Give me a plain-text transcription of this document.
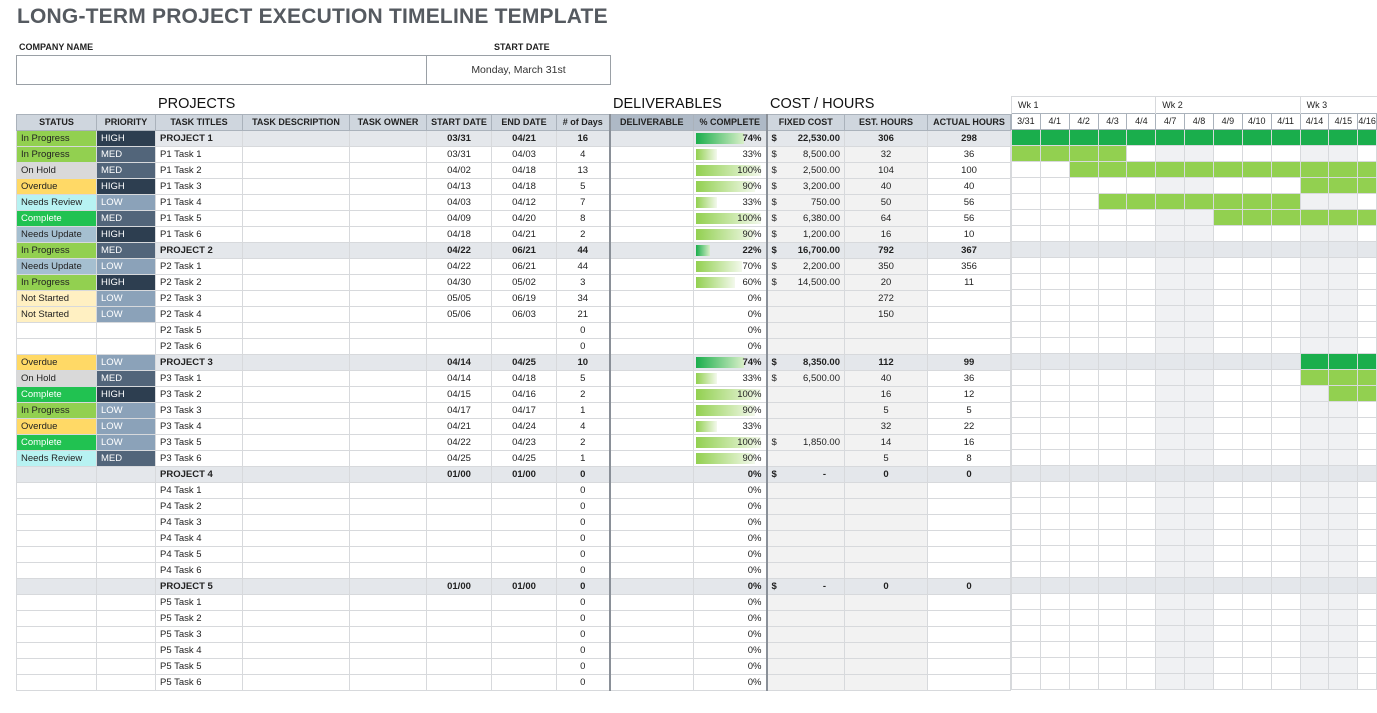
LONG-TERM PROJECT EXECUTION TIMELINE TEMPLATE
COMPANY NAME	START DATE
Monday, March 31st
PROJECTS	DELIVERABLES	COST / HOURS
STATUS	PRIORITY	TASK TITLES	TASK DESCRIPTION	TASK OWNER	START DATE	END DATE	# of Days	DELIVERABLE	% COMPLETE	FIXED COST	EST. HOURS	ACTUAL HOURS
In Progress	HIGH	PROJECT 1			03/31	04/21	16		74%	$ 22,530.00	306	298
In Progress	MED	P1 Task 1			03/31	04/03	4		33%	$ 8,500.00	32	36
On Hold	MED	P1 Task 2			04/02	04/18	13		100%	$ 2,500.00	104	100
Overdue	HIGH	P1 Task 3			04/13	04/18	5		90%	$ 3,200.00	40	40
Needs Review	LOW	P1 Task 4			04/03	04/12	7		33%	$ 750.00	50	56
Complete	MED	P1 Task 5			04/09	04/20	8		100%	$ 6,380.00	64	56
Needs Update	HIGH	P1 Task 6			04/18	04/21	2		90%	$ 1,200.00	16	10
In Progress	MED	PROJECT 2			04/22	06/21	44		22%	$ 16,700.00	792	367
Needs Update	LOW	P2 Task 1			04/22	06/21	44		70%	$ 2,200.00	350	356
In Progress	HIGH	P2 Task 2			04/30	05/02	3		60%	$ 14,500.00	20	11
Not Started	LOW	P2 Task 3			05/05	06/19	34		0%		272	
Not Started	LOW	P2 Task 4			05/06	06/03	21		0%		150	
		P2 Task 5					0		0%	

		P2 Task 6					0		0%	

Overdue	LOW	PROJECT 3			04/14	04/25	10		74%	$ 8,350.00	112	99
On Hold	MED	P3 Task 1			04/14	04/18	5		33%	$ 6,500.00	40	36
Complete	HIGH	P3 Task 2			04/15	04/16	2		100%		16	12
In Progress	LOW	P3 Task 3			04/17	04/17	1		90%		5	5
Overdue	LOW	P3 Task 4			04/21	04/24	4		33%		32	22
Complete	LOW	P3 Task 5			04/22	04/23	2		100%	$ 1,850.00	14	16
Needs Review	MED	P3 Task 6			04/25	04/25	1		90%		5	8
		PROJECT 4			01/00	01/00	0		0%	$ -	0	0
		P4 Task 1					0		0%	

		P4 Task 2					0		0%	

		P4 Task 3					0		0%	

		P4 Task 4					0		0%	

		P4 Task 5					0		0%	

		P4 Task 6					0		0%	

		PROJECT 5			01/00	01/00	0		0%	$ -	0	0
		P5 Task 1					0		0%	

		P5 Task 2					0		0%	

		P5 Task 3					0		0%	

		P5 Task 4					0		0%	

		P5 Task 5					0		0%	

		P5 Task 6					0		0%	

Wk 1					Wk 2					Wk 3		
3/31	4/1	4/2	4/3	4/4	4/7	4/8	4/9	4/10	4/11	4/14	4/15	4/16
